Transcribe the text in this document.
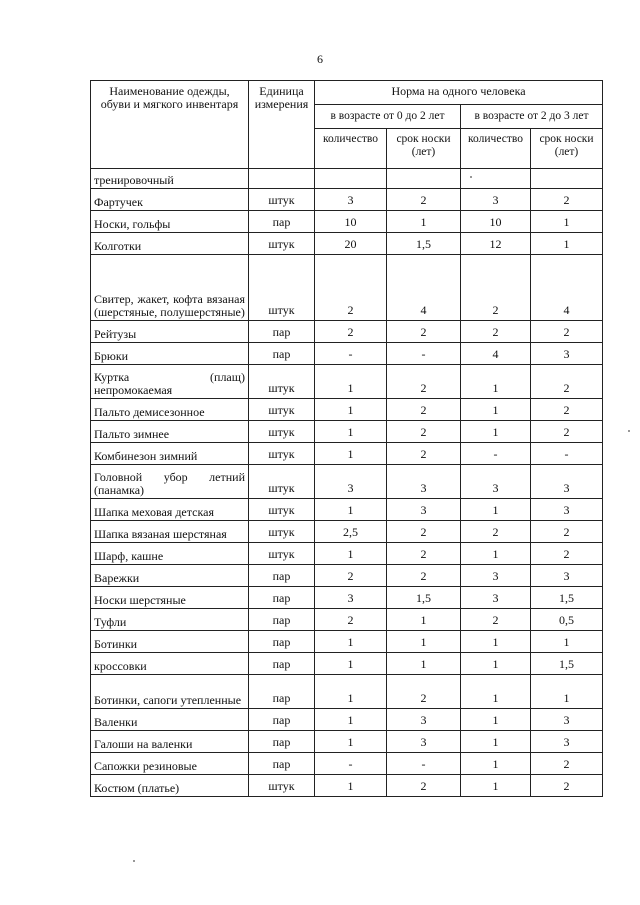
6
Наименование одежды, обуви и мягкого инвентаря	Единица измерения	Норма на одного человека			
		в возрасте от 0 до 2 лет		в возрасте от 2 до 3 лет	
		количество	срок носки (лет)	количество	срок носки (лет)
тренировочный					
Фартучек	штук	3	2	3	2
Носки, гольфы	пар	10	1	10	1
Колготки	штук	20	1,5	12	1
Свитер, жакет, кофта вязаная (шерстяные, полушерстяные)	штук	2	4	2	4
Рейтузы	пар	2	2	2	2
Брюки	пар	-	-	4	3
Куртка (плащ) непромокаемая	штук	1	2	1	2
Пальто демисезонное	штук	1	2	1	2
Пальто зимнее	штук	1	2	1	2
Комбинезон зимний	штук	1	2	-	-
Головной убор летний (панамка)	штук	3	3	3	3
Шапка меховая детская	штук	1	3	1	3
Шапка вязаная шерстяная	штук	2,5	2	2	2
Шарф, кашне	штук	1	2	1	2
Варежки	пар	2	2	3	3
Носки шерстяные	пар	3	1,5	3	1,5
Туфли	пар	2	1	2	0,5
Ботинки	пар	1	1	1	1
кроссовки	пар	1	1	1	1,5
Ботинки, сапоги утепленные	пар	1	2	1	1
Валенки	пар	1	3	1	3
Галоши на валенки	пар	1	3	1	3
Сапожки резиновые	пар	-	-	1	2
Костюм (платье)	штук	1	2	1	2
